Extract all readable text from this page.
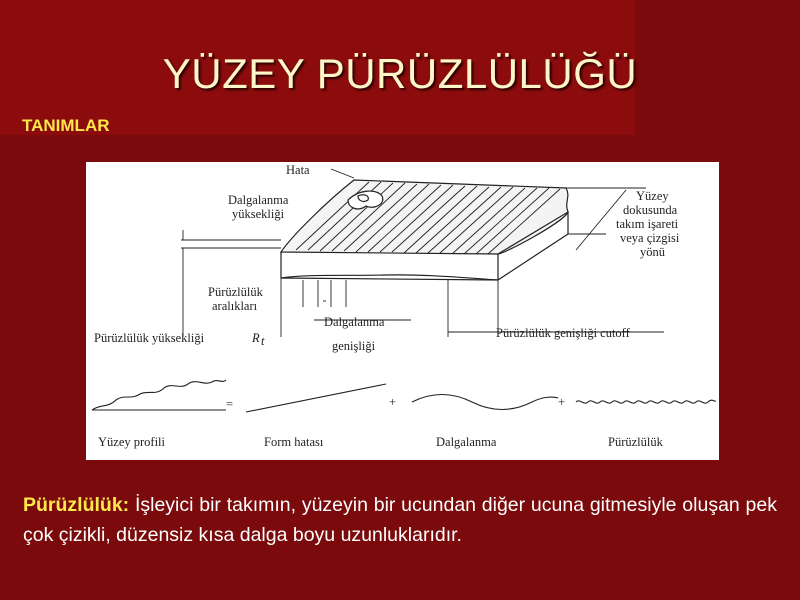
YÜZEY PÜRÜZLÜLÜĞÜ
TANIMLAR
Hata
Dalgalanma
yüksekliği
Yüzey
dokusunda
takım işareti
veya çizgisi
yönü
Pürüzlülük
aralıkları
Dalgalanma
genişliği
Pürüzlülük yüksekliği	R t
Pürüzlülük genişliği cutoff
=	+	+
Yüzey profili	Form hatası	Dalgalanma	Pürüzlülük
Pürüzlülük: İşleyici bir takımın, yüzeyin bir ucundan diğer ucuna gitmesiyle oluşan pek çok çizikli, düzensiz kısa dalga boyu uzunluklarıdır.
